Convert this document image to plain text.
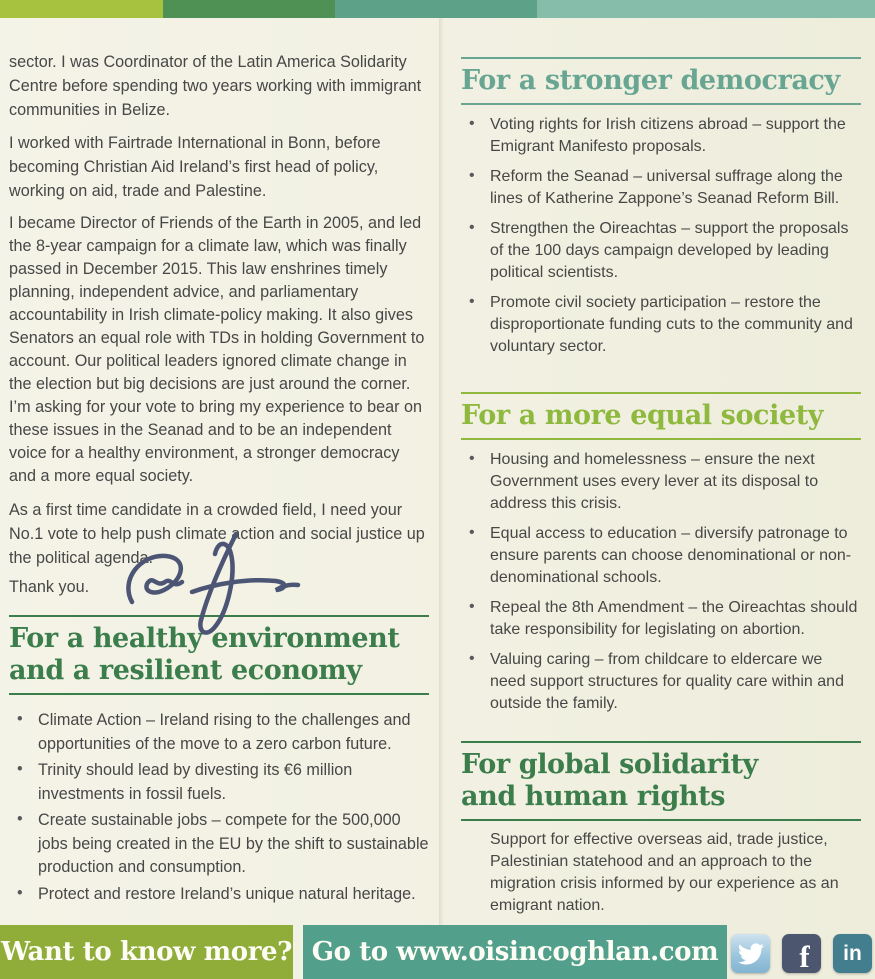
sector. I was Coordinator of the Latin America Solidarity Centre before spending two years working with immigrant communities in Belize.

I worked with Fairtrade International in Bonn, before becoming Christian Aid Ireland’s first head of policy, working on aid, trade and Palestine.

I became Director of Friends of the Earth in 2005, and led the 8-year campaign for a climate law, which was finally passed in December 2015. This law enshrines timely planning, independent advice, and parliamentary accountability in Irish climate-policy making. It also gives Senators an equal role with TDs in holding Government to account. Our political leaders ignored climate change in the election but big decisions are just around the corner. I’m asking for your vote to bring my experience to bear on these issues in the Seanad and to be an independent voice for a healthy environment, a stronger democracy and a more equal society.

As a first time candidate in a crowded field, I need your No.1 vote to help push climate action and social justice up the political agenda.

Thank you.

For a healthy environment
and a resilient economy
• Climate Action – Ireland rising to the challenges and opportunities of the move to a zero carbon future.
• Trinity should lead by divesting its €6 million investments in fossil fuels.
• Create sustainable jobs – compete for the 500,000 jobs being created in the EU by the shift to sustainable production and consumption.
• Protect and restore Ireland’s unique natural heritage.
For a stronger democracy
• Voting rights for Irish citizens abroad – support the Emigrant Manifesto proposals.
• Reform the Seanad – universal suffrage along the lines of Katherine Zappone’s Seanad Reform Bill.
• Strengthen the Oireachtas – support the proposals of the 100 days campaign developed by leading political scientists.
• Promote civil society participation – restore the disproportionate funding cuts to the community and voluntary sector.
For a more equal society
• Housing and homelessness – ensure the next Government uses every lever at its disposal to address this crisis.
• Equal access to education – diversify patronage to ensure parents can choose denominational or non-denominational schools.
• Repeal the 8th Amendment – the Oireachtas should take responsibility for legislating on abortion.
• Valuing caring – from childcare to eldercare we need support structures for quality care within and outside the family.
For global solidarity
and human rights

Support for effective overseas aid, trade justice, Palestinian statehood and an approach to the migration crisis informed by our experience as an emigrant nation.

Want to know more? Go to www.oisincoghlan.com	f in
